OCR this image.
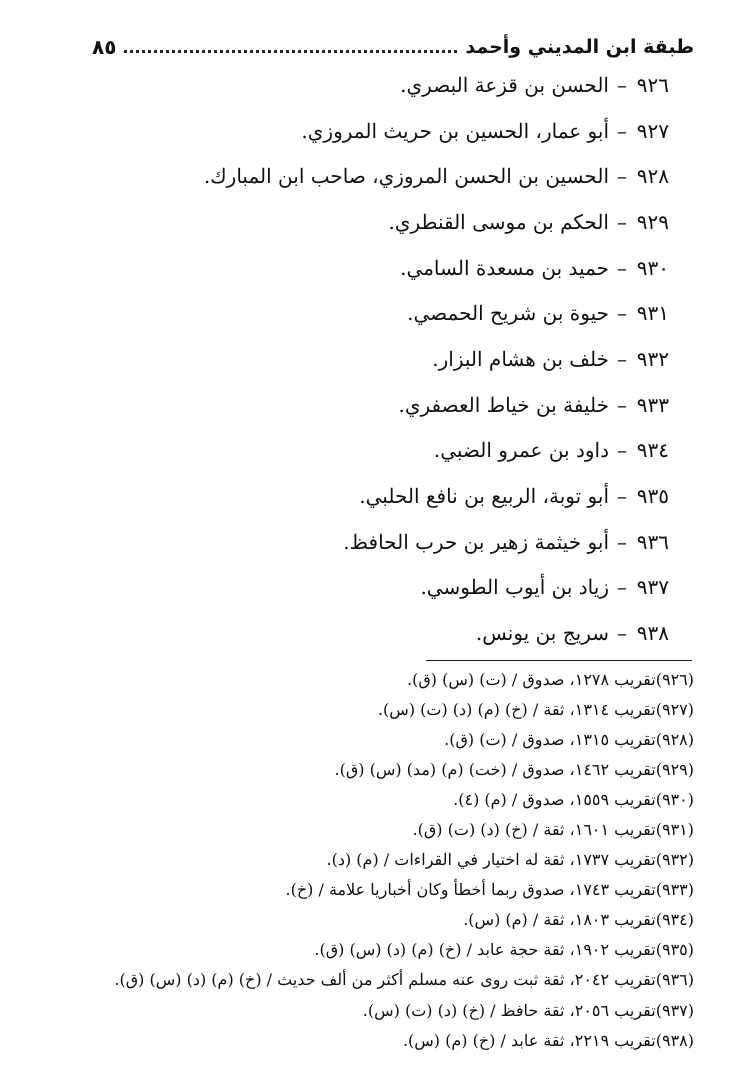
طبقة ابن المديني وأحمد
٨٥
٩٢٦
–
الحسن بن قزعة البصري.
٩٢٧
–
أبو عمار، الحسين بن حريث المروزي.
٩٢٨
–
الحسين بن الحسن المروزي، صاحب ابن المبارك.
٩٢٩
–
الحكم بن موسى القنطري.
٩٣٠
–
حميد بن مسعدة السامي.
٩٣١
–
حيوة بن شريح الحمصي.
٩٣٢
–
خلف بن هشام البزار.
٩٣٣
–
خليفة بن خياط العصفري.
٩٣٤
–
داود بن عمرو الضبي.
٩٣٥
–
أبو توبة، الربيع بن نافع الحلبي.
٩٣٦
–
أبو خيثمة زهير بن حرب الحافظ.
٩٣٧
–
زياد بن أيوب الطوسي.
٩٣٨
–
سريج بن يونس.
(٩٢٦)تقريب ١٢٧٨، صدوق / (ت) (س) (ق).
(٩٢٧)تقريب ١٣١٤، ثقة / (خ) (م) (د) (ت) (س).
(٩٢٨)تقريب ١٣١٥، صدوق / (ت) (ق).
(٩٢٩)تقريب ١٤٦٢، صدوق / (خت) (م) (مد) (س) (ق).
(٩٣٠)تقريب ١٥٥٩، صدوق / (م) (٤).
(٩٣١)تقريب ١٦٠١، ثقة / (خ) (د) (ت) (ق).
(٩٣٢)تقريب ١٧٣٧، ثقة له اختيار في القراءات / (م) (د).
(٩٣٣)تقريب ١٧٤٣، صدوق ربما أخطأ وكان أخباريا علامة / (خ).
(٩٣٤)تقريب ١٨٠٣، ثقة / (م) (س).
(٩٣٥)تقريب ١٩٠٢، ثقة حجة عابد / (خ) (م) (د) (س) (ق).
(٩٣٦)تقريب ٢٠٤٢، ثقة ثبت روى عنه مسلم أكثر من ألف حديث / (خ) (م) (د) (س) (ق).
(٩٣٧)تقريب ٢٠٥٦، ثقة حافظ / (خ) (د) (ت) (س).
(٩٣٨)تقريب ٢٢١٩، ثقة عابد / (خ) (م) (س).
